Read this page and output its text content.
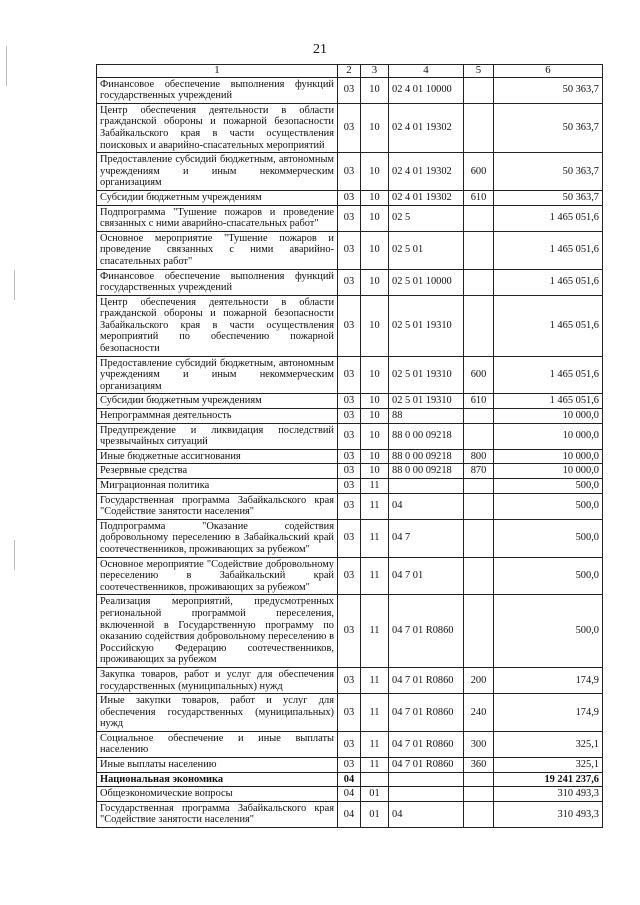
21
1	2	3	4	5	6
Финансовое обеспечение выполнения функций государственных учреждений	03	10	02 4 01 10000		50 363,7
Центр обеспечения деятельности в области гражданской обороны и пожарной безопасности Забайкальского края в части осуществления поисковых и аварийно-спасательных мероприятий	03	10	02 4 01 19302		50 363,7
Предоставление субсидий бюджетным, автономным учреждениям и иным некоммерческим организациям	03	10	02 4 01 19302	600	50 363,7
Субсидии бюджетным учреждениям	03	10	02 4 01 19302	610	50 363,7
Подпрограмма "Тушение пожаров и проведение связанных с ними аварийно-спасательных работ"	03	10	02 5		1 465 051,6
Основное мероприятие "Тушение пожаров и проведение связанных с ними аварийно-спасательных работ"	03	10	02 5 01		1 465 051,6
Финансовое обеспечение выполнения функций государственных учреждений	03	10	02 5 01 10000		1 465 051,6
Центр обеспечения деятельности в области гражданской обороны и пожарной безопасности Забайкальского края в части осуществления мероприятий по обеспечению пожарной безопасности	03	10	02 5 01 19310		1 465 051,6
Предоставление субсидий бюджетным, автономным учреждениям и иным некоммерческим организациям	03	10	02 5 01 19310	600	1 465 051,6
Субсидии бюджетным учреждениям	03	10	02 5 01 19310	610	1 465 051,6
Непрограммная деятельность	03	10	88		10 000,0
Предупреждение и ликвидация последствий чрезвычайных ситуаций	03	10	88 0 00 09218		10 000,0
Иные бюджетные ассигнования	03	10	88 0 00 09218	800	10 000,0
Резервные средства	03	10	88 0 00 09218	870	10 000,0
Миграционная политика	03	11			500,0
Государственная программа Забайкальского края "Содействие занятости населения"	03	11	04		500,0
Подпрограмма "Оказание содействия добровольному переселению в Забайкальский край соотечественников, проживающих за рубежом"	03	11	04 7		500,0
Основное мероприятие "Содействие добровольному переселению в Забайкальский край соотечественников, проживающих за рубежом"	03	11	04 7 01		500,0
Реализация мероприятий, предусмотренных региональной программой переселения, включенной в Государственную программу по оказанию содействия добровольному переселению в Российскую Федерацию соотечественников, проживающих за рубежом	03	11	04 7 01 R0860		500,0
Закупка товаров, работ и услуг для обеспечения государственных (муниципальных) нужд	03	11	04 7 01 R0860	200	174,9
Иные закупки товаров, работ и услуг для обеспечения государственных (муниципальных) нужд	03	11	04 7 01 R0860	240	174,9
Социальное обеспечение и иные выплаты населению	03	11	04 7 01 R0860	300	325,1
Иные выплаты населению	03	11	04 7 01 R0860	360	325,1
Национальная экономика	04				19 241 237,6
Общеэкономические вопросы	04	01			310 493,3
Государственная программа Забайкальского края "Содействие занятости населения"	04	01	04		310 493,3
